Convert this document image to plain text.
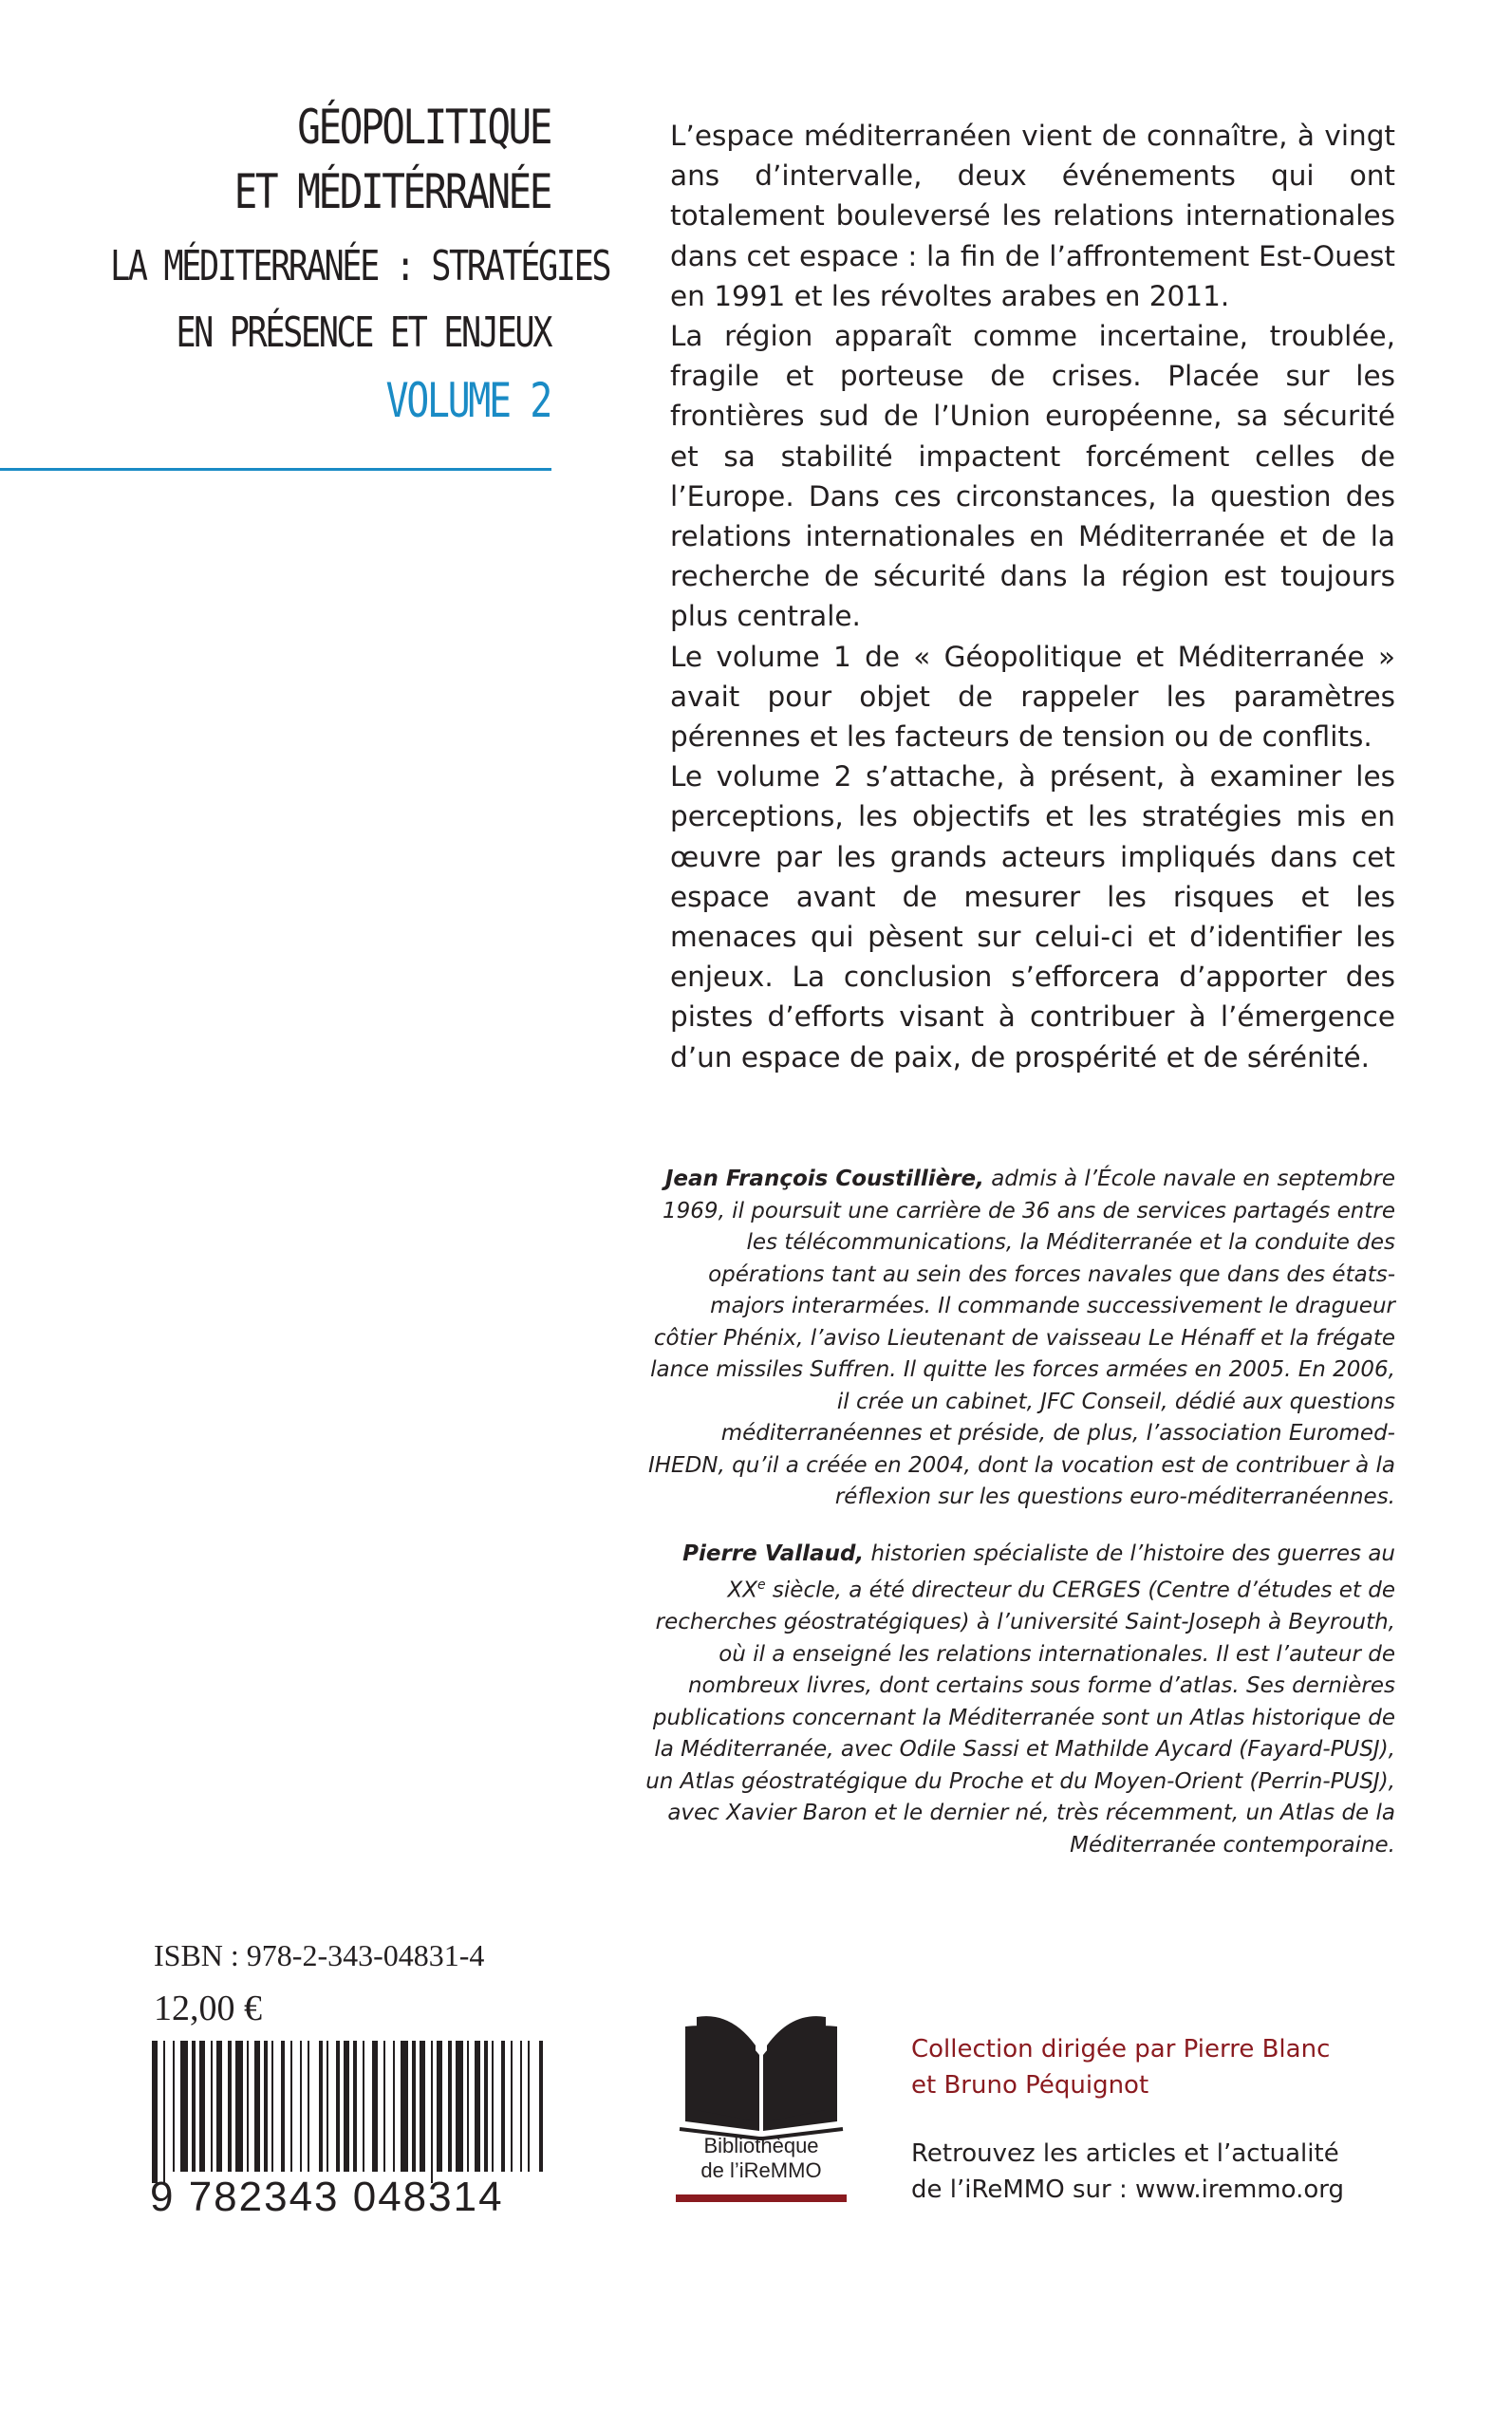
GÉOPOLITIQUE
ET MÉDITÉRRANÉE
LA MÉDITERRANÉE : STRATÉGIES
EN PRÉSENCE ET ENJEUX
VOLUME 2

L’espace méditerranéen vient de connaître, à vingt ans d’intervalle, deux événements qui ont totalement bouleversé les relations internationales dans cet espace : la fin de l’affrontement Est-Ouest en 1991 et les révoltes arabes en 2011.

La région apparaît comme incertaine, troublée, fragile et porteuse de crises. Placée sur les frontières sud de l’Union européenne, sa sécurité et sa stabilité impactent forcément celles de l’Europe. Dans ces circonstances, la question des relations internationales en Méditerranée et de la recherche de sécurité dans la région est toujours plus centrale.

Le volume 1 de « Géopolitique et Méditerranée » avait pour objet de rappeler les paramètres pérennes et les facteurs de tension ou de conflits.

Le volume 2 s’attache, à présent, à examiner les perceptions, les objectifs et les stratégies mis en œuvre par les grands acteurs impliqués dans cet espace avant de mesurer les risques et les menaces qui pèsent sur celui-ci et d’identifier les enjeux. La conclusion s’efforcera d’apporter des pistes d’efforts visant à contribuer à l’émergence d’un espace de paix, de prospérité et de sérénité.

Jean François Coustillière, admis à l’École navale en septembre 1969, il poursuit une carrière de 36 ans de services partagés entre les télécommunications, la Méditerranée et la conduite des opérations tant au sein des forces navales que dans des états-majors interarmées. Il commande successivement le dragueur côtier Phénix, l’aviso Lieutenant de vaisseau Le Hénaff et la frégate lance missiles Suffren. Il quitte les forces armées en 2005. En 2006, il crée un cabinet, JFC Conseil, dédié aux questions méditerranéennes et préside, de plus, l’association Euromed-IHEDN, qu’il a créée en 2004, dont la vocation est de contribuer à la réflexion sur les questions euro-méditerranéennes.

Pierre Vallaud, historien spécialiste de l’histoire des guerres au XXe siècle, a été directeur du CERGES (Centre d’études et de recherches géostratégiques) à l’université Saint-Joseph à Beyrouth, où il a enseigné les relations internationales. Il est l’auteur de nombreux livres, dont certains sous forme d’atlas. Ses dernières publications concernant la Méditerranée sont un Atlas historique de la Méditerranée, avec Odile Sassi et Mathilde Aycard (Fayard-PUSJ), un Atlas géostratégique du Proche et du Moyen-Orient (Perrin-PUSJ), avec Xavier Baron et le dernier né, très récemment, un Atlas de la Méditerranée contemporaine.

ISBN : 978-2-343-04831-4
12,00 €
9 782343 048314
Bibliothèque
de l’iReMMO
Collection dirigée par Pierre Blanc
et Bruno Péquignot
Retrouvez les articles et l’actualité
de l’iReMMO sur : www.iremmo.org
